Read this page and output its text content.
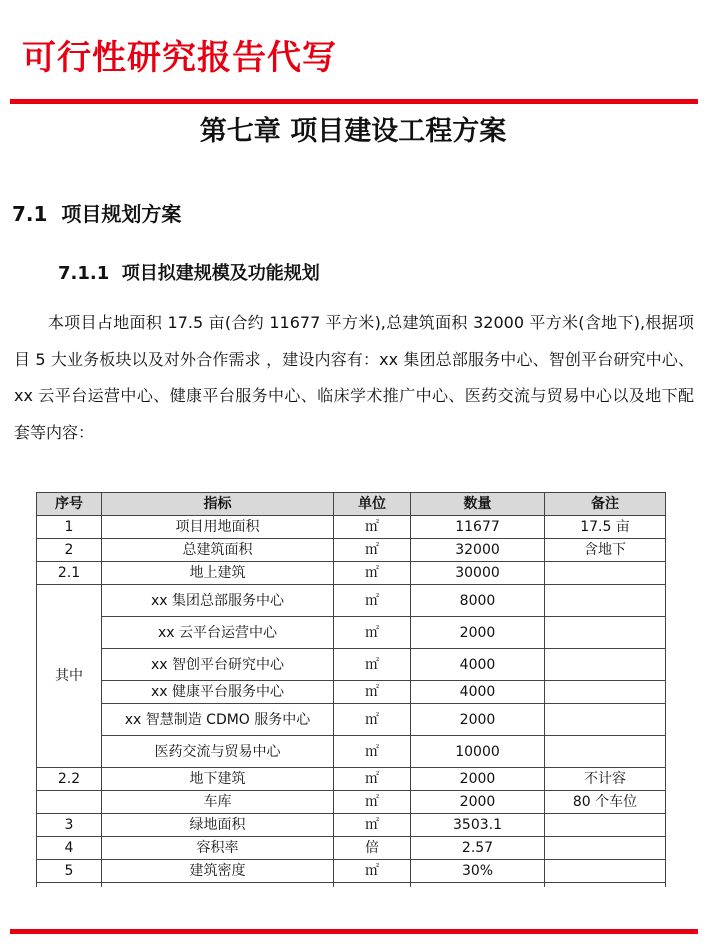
可行性研究报告代写
第七章 项目建设工程方案
7.1 项目规划方案
7.1.1 项目拟建规模及功能规划
本项目占地面积 17.5 亩(合约 11677 平方米),总建筑面积 32000 平方米(含地下),根据项目 5 大业务板块以及对外合作需求 ，建设内容有：xx 集团总部服务中心、智创平台研究中心、xx 云平台运营中心、健康平台服务中心、临床学术推广中心、医药交流与贸易中心以及地下配套等内容：
序号	指标	单位	数量	备注
1	项目用地面积	㎡	11677	17.5 亩
2	总建筑面积	㎡	32000	含地下
2.1	地上建筑	㎡	30000	
其中	xx 集团总部服务中心	㎡	8000	
	xx 云平台运营中心	㎡	2000	
	xx 智创平台研究中心	㎡	4000	
	xx 健康平台服务中心	㎡	4000	
	xx 智慧制造 CDMO 服务中心	㎡	2000	
	医药交流与贸易中心	㎡	10000	
2.2	地下建筑	㎡	2000	不计容
	车库	㎡	2000	80 个车位
3	绿地面积	㎡	3503.1	
4	容积率	倍	2.57	
5	建筑密度	㎡	30%	
